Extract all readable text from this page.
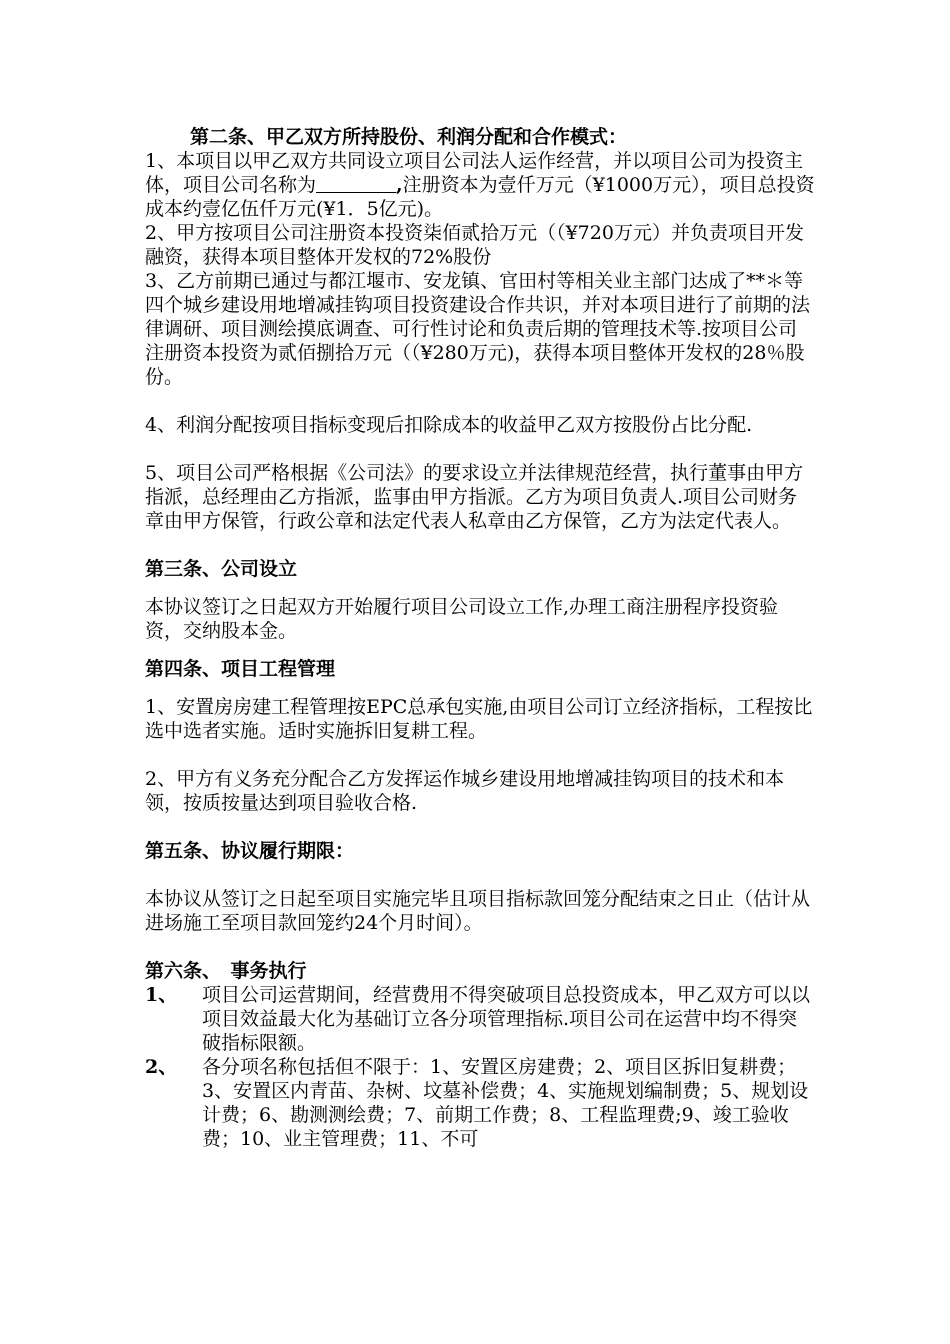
第二条、甲乙双方所持股份、利润分配和合作模式：

1、本项目以甲乙双方共同设立项目公司法人运作经营，并以项目公司为投资主体，项目公司名称为	,注册资本为壹仟万元（¥1000万元），项目总投资成本约壹亿伍仟万元(¥1．5亿元)。

2、甲方按项目公司注册资本投资柒佰贰拾万元（（¥720万元）并负责项目开发融资，获得本项目整体开发权的72%股份

3、乙方前期已通过与都江堰市、安龙镇、官田村等相关业主部门达成了**＊等四个城乡建设用地增减挂钩项目投资建设合作共识，并对本项目进行了前期的法律调研、项目测绘摸底调查、可行性讨论和负责后期的管理技术等.按项目公司注册资本投资为贰佰捌拾万元（（¥280万元)，获得本项目整体开发权的28％股份。

4、利润分配按项目指标变现后扣除成本的收益甲乙双方按股份占比分配.

5、项目公司严格根据《公司法》的要求设立并法律规范经营，执行董事由甲方指派，总经理由乙方指派，监事由甲方指派。乙方为项目负责人.项目公司财务章由甲方保管，行政公章和法定代表人私章由乙方保管，乙方为法定代表人。

第三条、公司设立

本协议签订之日起双方开始履行项目公司设立工作,办理工商注册程序投资验资，交纳股本金。

第四条、项目工程管理

1、安置房房建工程管理按EPC总承包实施,由项目公司订立经济指标，工程按比选中选者实施。适时实施拆旧复耕工程。

2、甲方有义务充分配合乙方发挥运作城乡建设用地增减挂钩项目的技术和本领，按质按量达到项目验收合格.

第五条、协议履行期限：

本协议从签订之日起至项目实施完毕且项目指标款回笼分配结束之日止（估计从进场施工至项目款回笼约24个月时间）。

第六条、　事务执行

1、	项目公司运营期间，经营费用不得突破项目总投资成本，甲乙双方可以以项目效益最大化为基础订立各分项管理指标.项目公司在运营中均不得突破指标限额。
2、	各分项名称包括但不限于：1、安置区房建费；2、项目区拆旧复耕费；3、安置区内青苗、杂树、坟墓补偿费；4、实施规划编制费；5、规划设计费；6、勘测测绘费；7、前期工作费；8、工程监理费;9、竣工验收费；10、业主管理费；11、不可
